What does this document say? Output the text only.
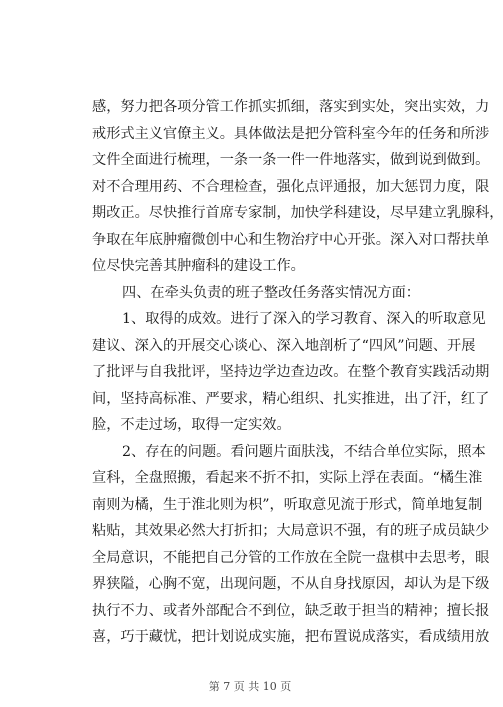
感，努力把各项分管工作抓实抓细，落实到实处，突出实效，力
戒形式主义官僚主义。具体做法是把分管科室今年的任务和所涉
文件全面进行梳理，一条一条一件一件地落实，做到说到做到。
对不合理用药、不合理检查，强化点评通报，加大惩罚力度，限
期改正。尽快推行首席专家制，加快学科建设，尽早建立乳腺科，
争取在年底肿瘤微创中心和生物治疗中心开张。深入对口帮扶单
位尽快完善其肿瘤科的建设工作。
四、在牵头负责的班子整改任务落实情况方面：
1、取得的成效。进行了深入的学习教育、深入的听取意见
建议、深入的开展交心谈心、深入地剖析了“四风”问题、开展
了批评与自我批评，坚持边学边查边改。在整个教育实践活动期
间，坚持高标准、严要求，精心组织、扎实推进，出了汗，红了
脸，不走过场，取得一定实效。
2、存在的问题。看问题片面肤浅，不结合单位实际，照本
宣科，全盘照搬，看起来不折不扣，实际上浮在表面。“橘生淮
南则为橘，生于淮北则为枳”，听取意见流于形式，简单地复制
粘贴，其效果必然大打折扣；大局意识不强，有的班子成员缺少
全局意识，不能把自己分管的工作放在全院一盘棋中去思考，眼
界狭隘，心胸不宽，出现问题，不从自身找原因，却认为是下级
执行不力、或者外部配合不到位，缺乏敢于担当的精神；擅长报
喜，巧于藏忧，把计划说成实施，把布置说成落实，看成绩用放
第 7 页 共 10 页
